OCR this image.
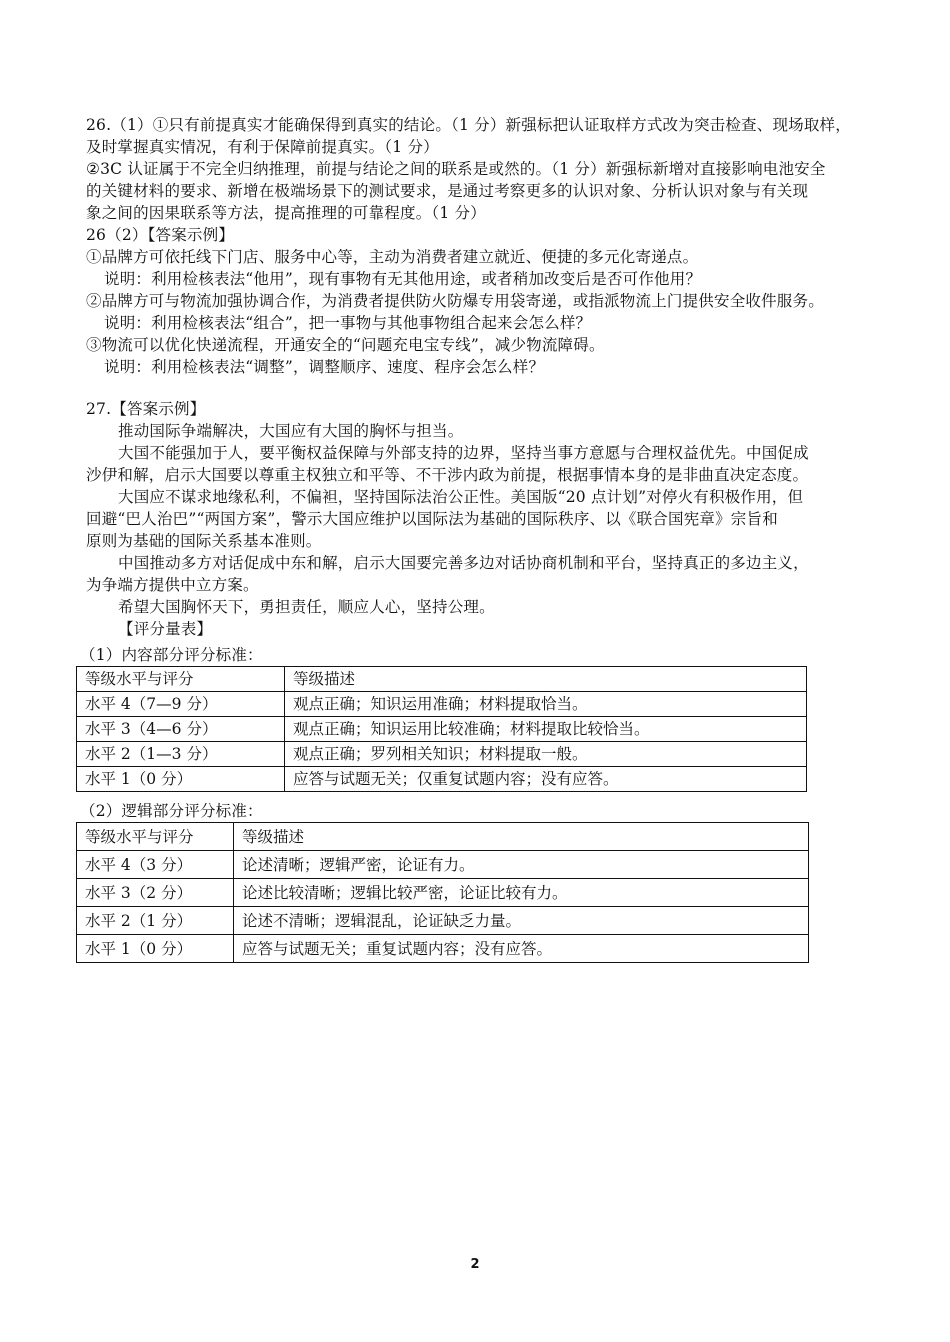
26.（1）①只有前提真实才能确保得到真实的结论。（1 分）新强标把认证取样方式改为突击检查、现场取样，
及时掌握真实情况，有利于保障前提真实。（1 分）
②3C 认证属于不完全归纳推理，前提与结论之间的联系是或然的。（1 分）新强标新增对直接影响电池安全
的关键材料的要求、新增在极端场景下的测试要求，是通过考察更多的认识对象、分析认识对象与有关现
象之间的因果联系等方法，提高推理的可靠程度。（1 分）
26（2）【答案示例】
①品牌方可依托线下门店、服务中心等，主动为消费者建立就近、便捷的多元化寄递点。
说明：利用检核表法“他用”，现有事物有无其他用途，或者稍加改变后是否可作他用？
②品牌方可与物流加强协调合作，为消费者提供防火防爆专用袋寄递，或指派物流上门提供安全收件服务。
说明：利用检核表法“组合”，把一事物与其他事物组合起来会怎么样？
③物流可以优化快递流程，开通安全的“问题充电宝专线”，减少物流障碍。
说明：利用检核表法“调整”，调整顺序、速度、程序会怎么样？
27.【答案示例】
推动国际争端解决，大国应有大国的胸怀与担当。
大国不能强加于人，要平衡权益保障与外部支持的边界，坚持当事方意愿与合理权益优先。中国促成
沙伊和解，启示大国要以尊重主权独立和平等、不干涉内政为前提，根据事情本身的是非曲直决定态度。
大国应不谋求地缘私利，不偏袒，坚持国际法治公正性。美国版“20 点计划”对停火有积极作用，但
回避“巴人治巴”“两国方案”，警示大国应维护以国际法为基础的国际秩序、以《联合国宪章》宗旨和
原则为基础的国际关系基本准则。
中国推动多方对话促成中东和解，启示大国要完善多边对话协商机制和平台，坚持真正的多边主义，
为争端方提供中立方案。
希望大国胸怀天下，勇担责任，顺应人心，坚持公理。
【评分量表】
（1）内容部分评分标准：
等级水平与评分	等级描述
水平 4（7—9 分）	观点正确；知识运用准确；材料提取恰当。
水平 3（4—6 分）	观点正确；知识运用比较准确；材料提取比较恰当。
水平 2（1—3 分）	观点正确；罗列相关知识；材料提取一般。
水平 1（0 分）	应答与试题无关；仅重复试题内容；没有应答。
（2）逻辑部分评分标准：
等级水平与评分	等级描述
水平 4（3 分）	论述清晰；逻辑严密，论证有力。
水平 3（2 分）	论述比较清晰；逻辑比较严密，论证比较有力。
水平 2（1 分）	论述不清晰；逻辑混乱，论证缺乏力量。
水平 1（0 分）	应答与试题无关；重复试题内容；没有应答。
2
